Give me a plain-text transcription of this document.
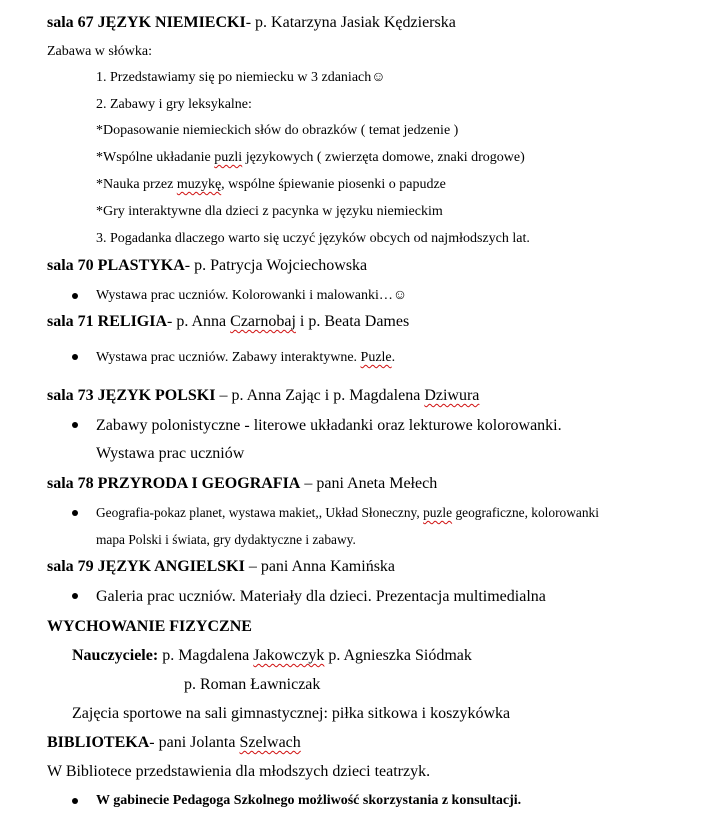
sala 67 JĘZYK NIEMIECKI- p. Katarzyna Jasiak Kędzierska
Zabawa w słówka:
1. Przedstawiamy się po niemiecku w 3 zdaniach☺
2. Zabawy i gry leksykalne:
*Dopasowanie niemieckich słów do obrazków ( temat jedzenie )
*Wspólne układanie puzli językowych ( zwierzęta domowe, znaki drogowe)
*Nauka przez muzykę, wspólne śpiewanie piosenki o papudze
*Gry interaktywne dla dzieci z pacynka w języku niemieckim
3. Pogadanka dlaczego warto się uczyć języków obcych od najmłodszych lat.
sala 70 PLASTYKA- p. Patrycja Wojciechowska
Wystawa prac uczniów. Kolorowanki i malowanki…☺
sala 71 RELIGIA- p. Anna Czarnobaj i p. Beata Dames
Wystawa prac uczniów. Zabawy interaktywne. Puzle.
sala 73 JĘZYK POLSKI – p. Anna Zając i p. Magdalena Dziwura
Zabawy polonistyczne - literowe układanki oraz lekturowe kolorowanki.
Wystawa prac uczniów
sala 78 PRZYRODA I GEOGRAFIA – pani Aneta Mełech
Geografia-pokaz planet, wystawa makiet,, Układ Słoneczny, puzle geograficzne, kolorowanki
mapa Polski i świata, gry dydaktyczne i zabawy.
sala 79 JĘZYK ANGIELSKI – pani Anna Kamińska
Galeria prac uczniów. Materiały dla dzieci. Prezentacja multimedialna
WYCHOWANIE FIZYCZNE
Nauczyciele: p. Magdalena Jakowczyk p. Agnieszka Siódmak
p. Roman Ławniczak
Zajęcia sportowe na sali gimnastycznej: piłka sitkowa i koszykówka
BIBLIOTEKA- pani Jolanta Szelwach
W Bibliotece przedstawienia dla młodszych dzieci teatrzyk.
W gabinecie Pedagoga Szkolnego możliwość skorzystania z konsultacji.
